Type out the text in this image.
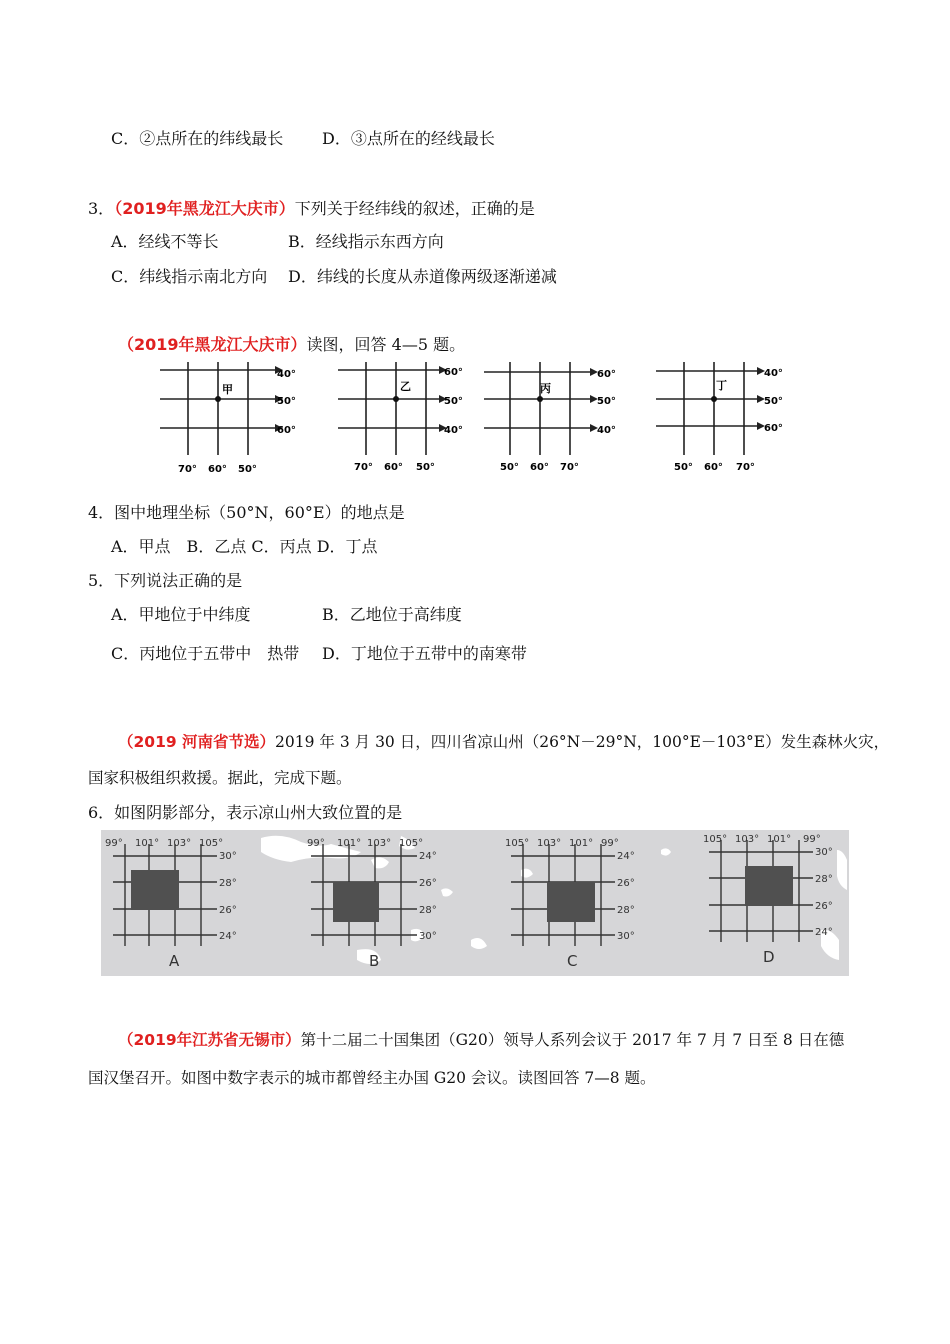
C．②点所在的纬线最长 D．③点所在的经线最长
3．（2019年黑龙江大庆市）下列关于经纬线的叙述，正确的是
A．经线不等长	B．经线指示东西方向
C．纬线指示南北方向 D．纬线的长度从赤道像两级逐渐递减
（2019年黑龙江大庆市）读图，回答 4—5 题。
甲
40°
50°
60°
70° 60° 50°
乙
60°
50°
40°
70° 60° 50°
丙
60°
50°
40°
50° 60° 70°
丁
40°
50°
60°
50° 60° 70°
4．图中地理坐标（50°N，60°E）的地点是
A．甲点　B．乙点 C．丙点 D．丁点
5．下列说法正确的是
A．甲地位于中纬度	B．乙地位于高纬度
C．丙地位于五带中　热带 D．丁地位于五带中的南寒带
（2019 河南省节选）2019 年 3 月 30 日，四川省凉山州（26°N－29°N，100°E－103°E）发生森林火灾，
国家积极组织救援。据此，完成下题。
6．如图阴影部分，表示凉山州大致位置的是
99° 101° 103° 105°
30°
28°
26°
24°
A
99° 101° 103° 105°
24°
26°
28°
30°
B
105° 103° 101° 99°
24°
26°
28°
30°
C
105° 103° 101° 99°
30°
28°
26°
24°
D
（2019年江苏省无锡市）第十二届二十国集团（G20）领导人系列会议于 2017 年 7 月 7 日至 8 日在德
国汉堡召开。如图中数字表示的城市都曾经主办国 G20 会议。读图回答 7—8 题。
